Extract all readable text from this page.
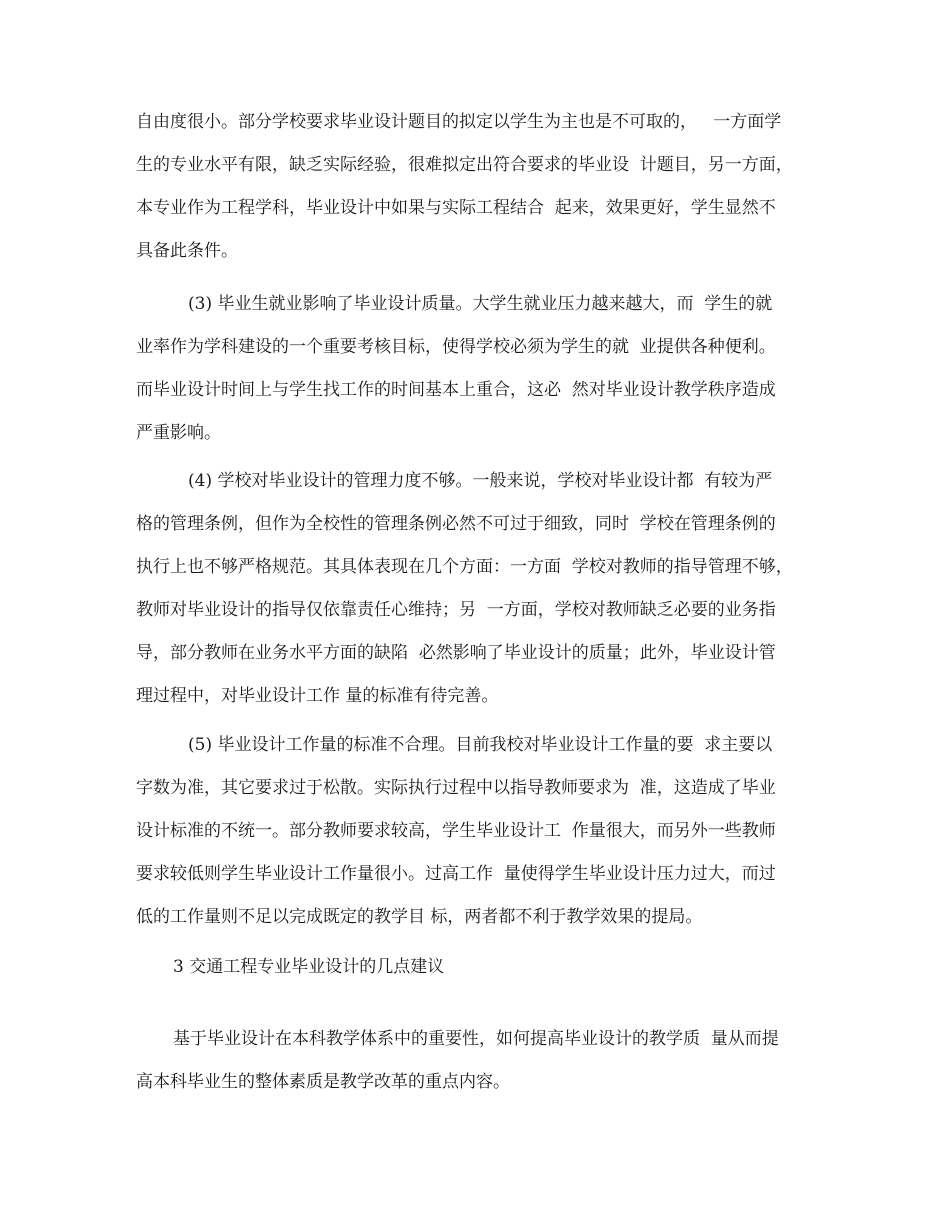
自由度很小。部分学校要求毕业设计题目的拟定以学生为主也是不可取的，   一方面学
生的专业水平有限，缺乏实际经验，很难拟定出符合要求的毕业设  计题目，另一方面，
本专业作为工程学科，毕业设计中如果与实际工程结合  起来，效果更好，学生显然不
具备此条件。
(3) 毕业生就业影响了毕业设计质量。大学生就业压力越来越大，而  学生的就
业率作为学科建设的一个重要考核目标，使得学校必须为学生的就  业提供各种便利。
而毕业设计时间上与学生找工作的时间基本上重合，这必  然对毕业设计教学秩序造成
严重影响。
(4) 学校对毕业设计的管理力度不够。一般来说，学校对毕业设计都  有较为严
格的管理条例，但作为全校性的管理条例必然不可过于细致，同时  学校在管理条例的
执行上也不够严格规范。其具体表现在几个方面：一方面  学校对教师的指导管理不够，
教师对毕业设计的指导仅依靠责任心维持；另  一方面，学校对教师缺乏必要的业务指
导，部分教师在业务水平方面的缺陷  必然影响了毕业设计的质量；此外，毕业设计管
理过程中，对毕业设计工作 量的标准有待完善。
(5) 毕业设计工作量的标准不合理。目前我校对毕业设计工作量的要  求主要以
字数为准，其它要求过于松散。实际执行过程中以指导教师要求为  准，这造成了毕业
设计标准的不统一。部分教师要求较高，学生毕业设计工  作量很大，而另外一些教师
要求较低则学生毕业设计工作量很小。过高工作  量使得学生毕业设计压力过大，而过
低的工作量则不足以完成既定的教学目 标，两者都不利于教学效果的提局。
3 交通工程专业毕业设计的几点建议
基于毕业设计在本科教学体系中的重要性，如何提高毕业设计的教学质  量从而提
高本科毕业生的整体素质是教学改革的重点内容。
